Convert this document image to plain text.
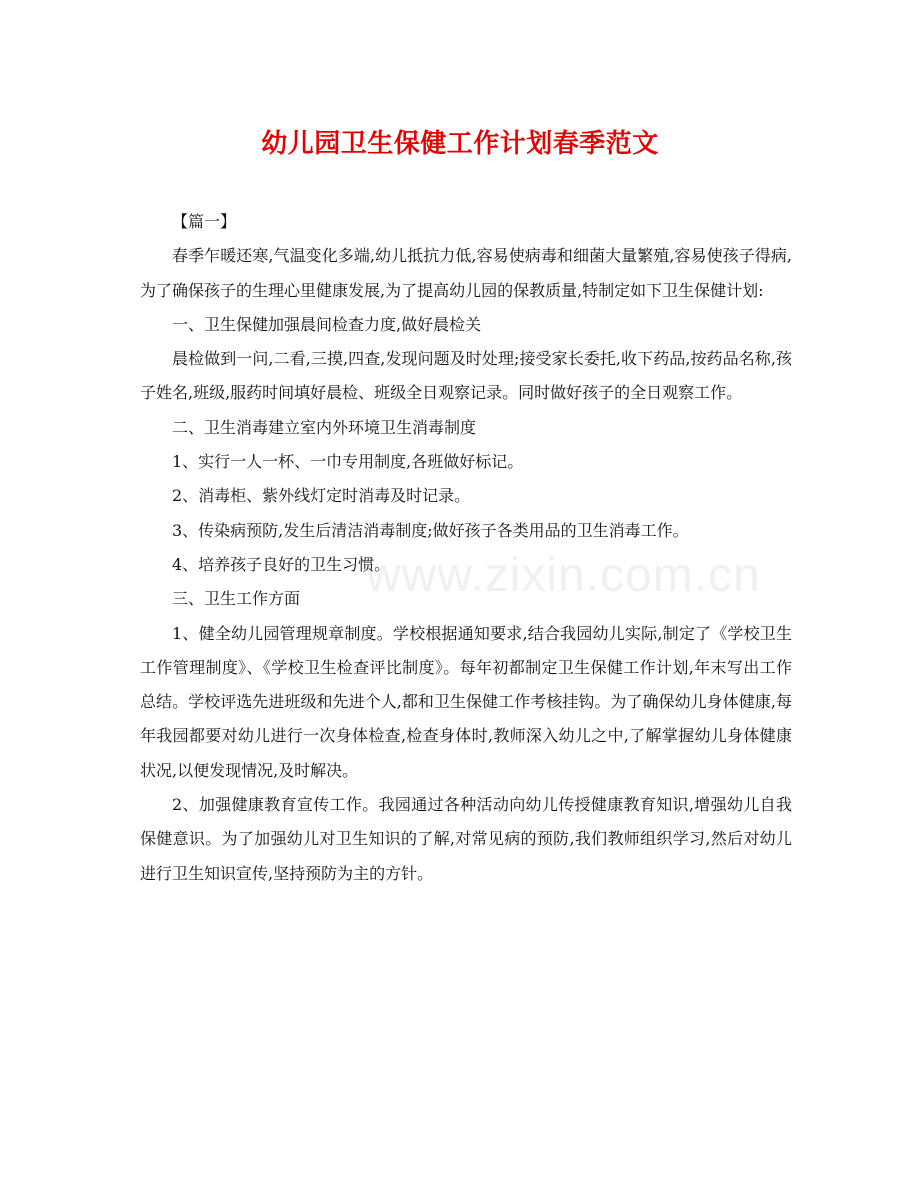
www.zixin.com.cn
幼儿园卫生保健工作计划春季范文

【篇一】

春季乍暖还寒,气温变化多端,幼儿抵抗力低,容易使病毒和细菌大量繁殖,容易使孩子得病,为了确保孩子的生理心里健康发展,为了提高幼儿园的保教质量,特制定如下卫生保健计划:

一、卫生保健加强晨间检查力度,做好晨检关

晨检做到一问,二看,三摸,四查,发现问题及时处理;接受家长委托,收下药品,按药品名称,孩子姓名,班级,服药时间填好晨检、班级全日观察记录。同时做好孩子的全日观察工作。

二、卫生消毒建立室内外环境卫生消毒制度

1、实行一人一杯、一巾专用制度,各班做好标记。

2、消毒柜、紫外线灯定时消毒及时记录。

3、传染病预防,发生后清洁消毒制度;做好孩子各类用品的卫生消毒工作。

4、培养孩子良好的卫生习惯。

三、卫生工作方面

1、健全幼儿园管理规章制度。学校根据通知要求,结合我园幼儿实际,制定了《学校卫生工作管理制度》、《学校卫生检查评比制度》。每年初都制定卫生保健工作计划,年末写出工作总结。学校评选先进班级和先进个人,都和卫生保健工作考核挂钩。为了确保幼儿身体健康,每年我园都要对幼儿进行一次身体检查,检查身体时,教师深入幼儿之中,了解掌握幼儿身体健康状况,以便发现情况,及时解决。

2、加强健康教育宣传工作。我园通过各种活动向幼儿传授健康教育知识,增强幼儿自我保健意识。为了加强幼儿对卫生知识的了解,对常见病的预防,我们教师组织学习,然后对幼儿进行卫生知识宣传,坚持预防为主的方针。
